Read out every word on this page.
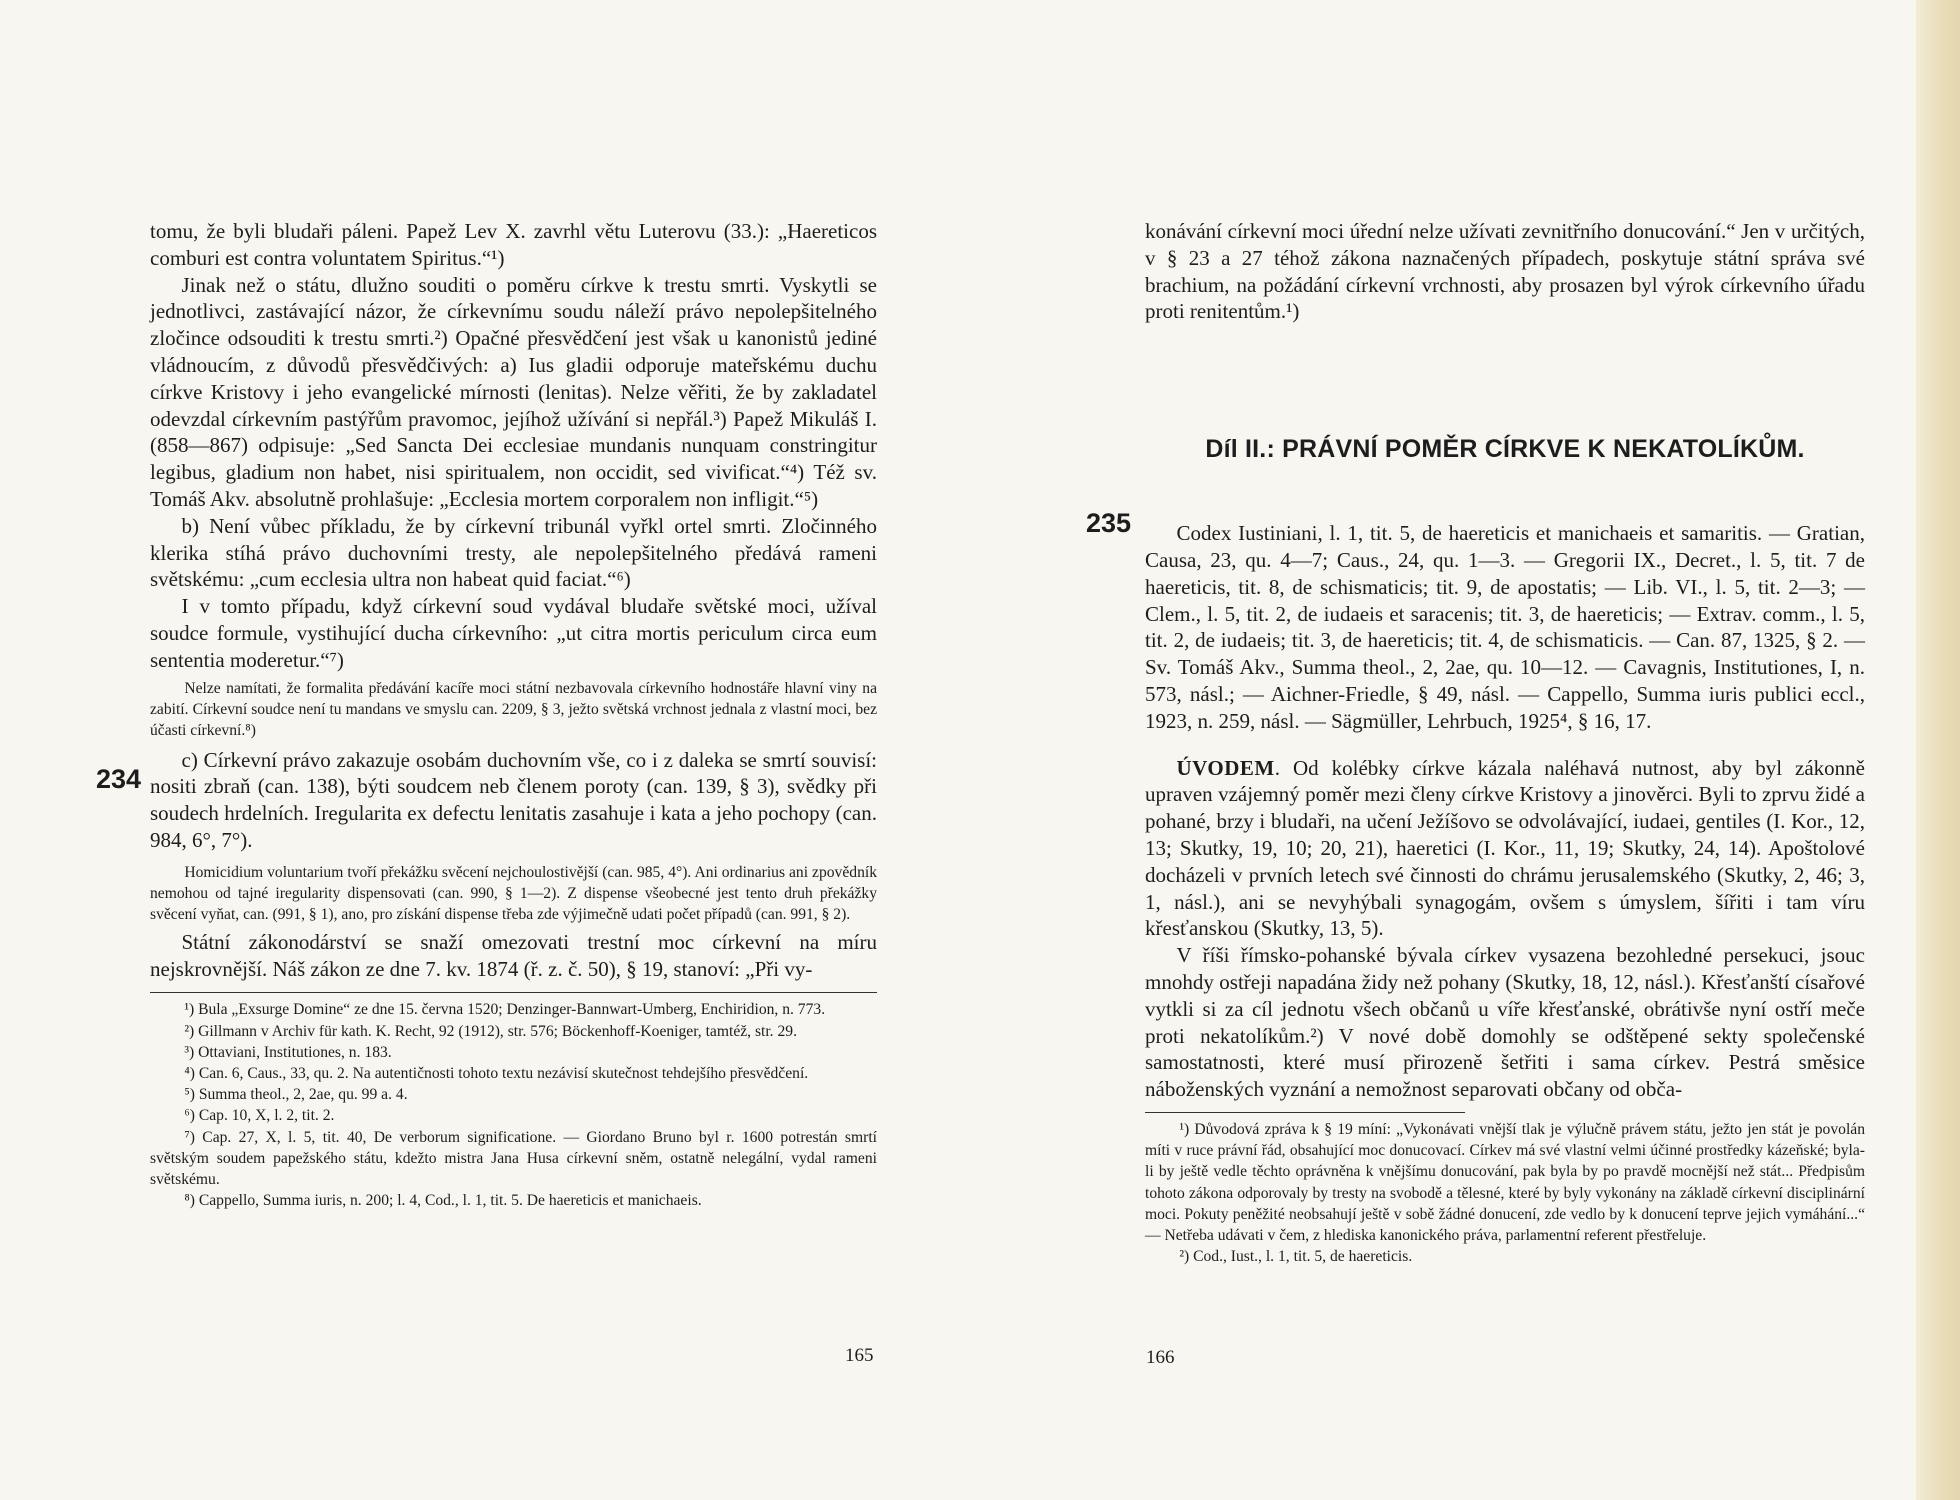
tomu, že byli bludaři páleni. Papež Lev X. zavrhl větu Luterovu (33.): „Haereticos comburi est contra voluntatem Spiritus.“¹)

Jinak než o státu, dlužno souditi o poměru církve k trestu smrti. Vyskytli se jednotlivci, zastávající názor, že církevnímu soudu náleží právo nepolepšitelného zločince odsouditi k trestu smrti.²) Opačné přesvědčení jest však u kanonistů jediné vládnoucím, z důvodů přesvědčivých: a) Ius gladii odporuje mateřskému duchu církve Kristovy i jeho evangelické mírnosti (lenitas). Nelze věřiti, že by zakladatel odevzdal církevním pastýřům pravomoc, jejíhož užívání si nepřál.³) Papež Mikuláš I. (858—867) odpisuje: „Sed Sancta Dei ecclesiae mundanis nunquam constringitur legibus, gladium non habet, nisi spiritualem, non occidit, sed vivificat.“⁴) Též sv. Tomáš Akv. absolutně prohlašuje: „Ecclesia mortem corporalem non infligit.“⁵)

b) Není vůbec příkladu, že by církevní tribunál vyřkl ortel smrti. Zločinného klerika stíhá právo duchovními tresty, ale nepolepšitelného předává rameni světskému: „cum ecclesia ultra non habeat quid faciat.“⁶)

I v tomto případu, když církevní soud vydával bludaře světské moci, užíval soudce formule, vystihující ducha církevního: „ut citra mortis periculum circa eum sententia moderetur.“⁷)

Nelze namítati, že formalita předávání kacíře moci státní nezbavovala církevního hodnostáře hlavní viny na zabití. Církevní soudce není tu mandans ve smyslu can. 2209, § 3, ježto světská vrchnost jednala z vlastní moci, bez účasti církevní.⁸)

c) Církevní právo zakazuje osobám duchovním vše, co i z daleka se smrtí souvisí: nositi zbraň (can. 138), býti soudcem neb členem poroty (can. 139, § 3), svědky při soudech hrdelních. Iregularita ex defectu lenitatis zasahuje i kata a jeho pochopy (can. 984, 6°, 7°).

Homicidium voluntarium tvoří překážku svěcení nejchoulostivější (can. 985, 4°). Ani ordinarius ani zpovědník nemohou od tajné iregularity dispensovati (can. 990, § 1—2). Z dispense všeobecné jest tento druh překážky svěcení vyňat, can. (991, § 1), ano, pro získání dispense třeba zde výjimečně udati počet případů (can. 991, § 2).

Státní zákonodárství se snaží omezovati trestní moc církevní na míru nejskrovnější. Náš zákon ze dne 7. kv. 1874 (ř. z. č. 50), § 19, stanoví: „Při vy-

¹) Bula „Exsurge Domine“ ze dne 15. června 1520; Denzinger-Bannwart-Umberg, Enchiridion, n. 773.

²) Gillmann v Archiv für kath. K. Recht, 92 (1912), str. 576; Böckenhoff-Koeniger, tamtéž, str. 29.

³) Ottaviani, Institutiones, n. 183.

⁴) Can. 6, Caus., 33, qu. 2. Na autentičnosti tohoto textu nezávisí skutečnost tehdejšího přesvědčení.

⁵) Summa theol., 2, 2ae, qu. 99 a. 4.

⁶) Cap. 10, X, l. 2, tit. 2.

⁷) Cap. 27, X, l. 5, tit. 40, De verborum significatione. — Giordano Bruno byl r. 1600 potrestán smrtí světským soudem papežského státu, kdežto mistra Jana Husa církevní sněm, ostatně nelegální, vydal rameni světskému.

⁸) Cappello, Summa iuris, n. 200; l. 4, Cod., l. 1, tit. 5. De haereticis et manichaeis.

234
165

konávání církevní moci úřední nelze užívati zevnitřního donucování.“ Jen v určitých, v § 23 a 27 téhož zákona naznačených případech, poskytuje státní správa své brachium, na požádání církevní vrchnosti, aby prosazen byl výrok církevního úřadu proti renitentům.¹)

Díl II.: PRÁVNÍ POMĚR CÍRKVE K NEKATOLÍKŮM.

Codex Iustiniani, l. 1, tit. 5, de haereticis et manichaeis et samaritis. — Gratian, Causa, 23, qu. 4—7; Caus., 24, qu. 1—3. — Gregorii IX., Decret., l. 5, tit. 7 de haereticis, tit. 8, de schismaticis; tit. 9, de apostatis; — Lib. VI., l. 5, tit. 2—3; — Clem., l. 5, tit. 2, de iudaeis et saracenis; tit. 3, de haereticis; — Extrav. comm., l. 5, tit. 2, de iudaeis; tit. 3, de haereticis; tit. 4, de schismaticis. — Can. 87, 1325, § 2. — Sv. Tomáš Akv., Summa theol., 2, 2ae, qu. 10—12. — Cavagnis, Institutiones, I, n. 573, násl.; — Aichner-Friedle, § 49, násl. — Cappello, Summa iuris publici eccl., 1923, n. 259, násl. — Sägmüller, Lehrbuch, 1925⁴, § 16, 17.

ÚVODEM. Od kolébky církve kázala naléhavá nutnost, aby byl zákonně upraven vzájemný poměr mezi členy církve Kristovy a jinověrci. Byli to zprvu židé a pohané, brzy i bludaři, na učení Ježíšovo se odvolávající, iudaei, gentiles (I. Kor., 12, 13; Skutky, 19, 10; 20, 21), haeretici (I. Kor., 11, 19; Skutky, 24, 14). Apoštolové docházeli v prvních letech své činnosti do chrámu jerusalemského (Skutky, 2, 46; 3, 1, násl.), ani se nevyhýbali synagogám, ovšem s úmyslem, šířiti i tam víru křesťanskou (Skutky, 13, 5).

V říši římsko-pohanské bývala církev vysazena bezohledné persekuci, jsouc mnohdy ostřeji napadána židy než pohany (Skutky, 18, 12, násl.). Křesťanští císařové vytkli si za cíl jednotu všech občanů u víře křesťanské, obrátivše nyní ostří meče proti nekatolíkům.²) V nové době domohly se odštěpené sekty společenské samostatnosti, které musí přirozeně šetřiti i sama církev. Pestrá směsice náboženských vyznání a nemožnost separovati občany od obča-

¹) Důvodová zpráva k § 19 míní: „Vykonávati vnější tlak je výlučně právem státu, ježto jen stát je povolán míti v ruce právní řád, obsahující moc donucovací. Církev má své vlastní velmi účinné prostředky kázeňské; byla-li by ještě vedle těchto oprávněna k vnějšímu donucování, pak byla by po pravdě mocnější než stát... Předpisům tohoto zákona odporovaly by tresty na svobodě a tělesné, které by byly vykonány na základě církevní disciplinární moci. Pokuty peněžité neobsahují ještě v sobě žádné donucení, zde vedlo by k donucení teprve jejich vymáhání...“ — Netřeba udávati v čem, z hlediska kanonického práva, parlamentní referent přestřeluje.

²) Cod., Iust., l. 1, tit. 5, de haereticis.

235
166
